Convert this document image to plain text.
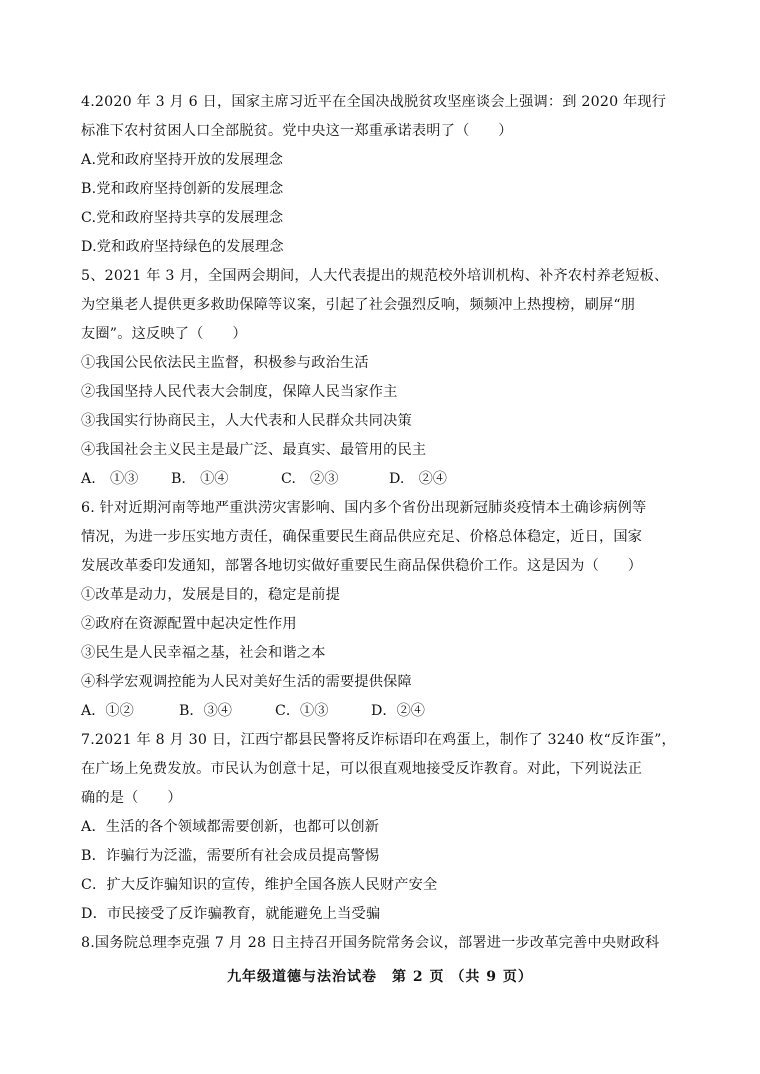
4.2020 年 3 月 6 日，国家主席习近平在全国决战脱贫攻坚座谈会上强调：到 2020 年现行
标准下农村贫困人口全部脱贫。党中央这一郑重承诺表明了（　　）
A.党和政府坚持开放的发展理念
B.党和政府坚持创新的发展理念
C.党和政府坚持共享的发展理念
D.党和政府坚持绿色的发展理念
5、2021 年 3 月，全国两会期间，人大代表提出的规范校外培训机构、补齐农村养老短板、
为空巢老人提供更多救助保障等议案，引起了社会强烈反响，频频冲上热搜榜，刷屏“朋
友圈”。这反映了（　　）
①我国公民依法民主监督，积极参与政治生活
②我国坚持人民代表大会制度，保障人民当家作主
③我国实行协商民主，人大代表和人民群众共同决策
④我国社会主义民主是最广泛、最真实、最管用的民主
A.　①③	B.　①④	C.　②③	D.　②④
6. 针对近期河南等地严重洪涝灾害影响、国内多个省份出现新冠肺炎疫情本土确诊病例等
情况，为进一步压实地方责任，确保重要民生商品供应充足、价格总体稳定，近日，国家
发展改革委印发通知，部署各地切实做好重要民生商品保供稳价工作。这是因为（　　）
①改革是动力，发展是目的，稳定是前提
②政府在资源配置中起决定性作用
③民生是人民幸福之基，社会和谐之本
④科学宏观调控能为人民对美好生活的需要提供保障
A．①②	B．③④	C．①③	D．②④
7.2021 年 8 月 30 日，江西宁都县民警将反诈标语印在鸡蛋上，制作了 3240 枚“反诈蛋”，
在广场上免费发放。市民认为创意十足，可以很直观地接受反诈教育。对此，下列说法正
确的是（　　）
A．生活的各个领域都需要创新，也都可以创新
B．诈骗行为泛滥，需要所有社会成员提高警惕
C．扩大反诈骗知识的宣传，维护全国各族人民财产安全
D．市民接受了反诈骗教育，就能避免上当受骗
8.国务院总理李克强 7 月 28 日主持召开国务院常务会议，部署进一步改革完善中央财政科
九年级道德与法治试卷　第 2 页 （共 9 页）
